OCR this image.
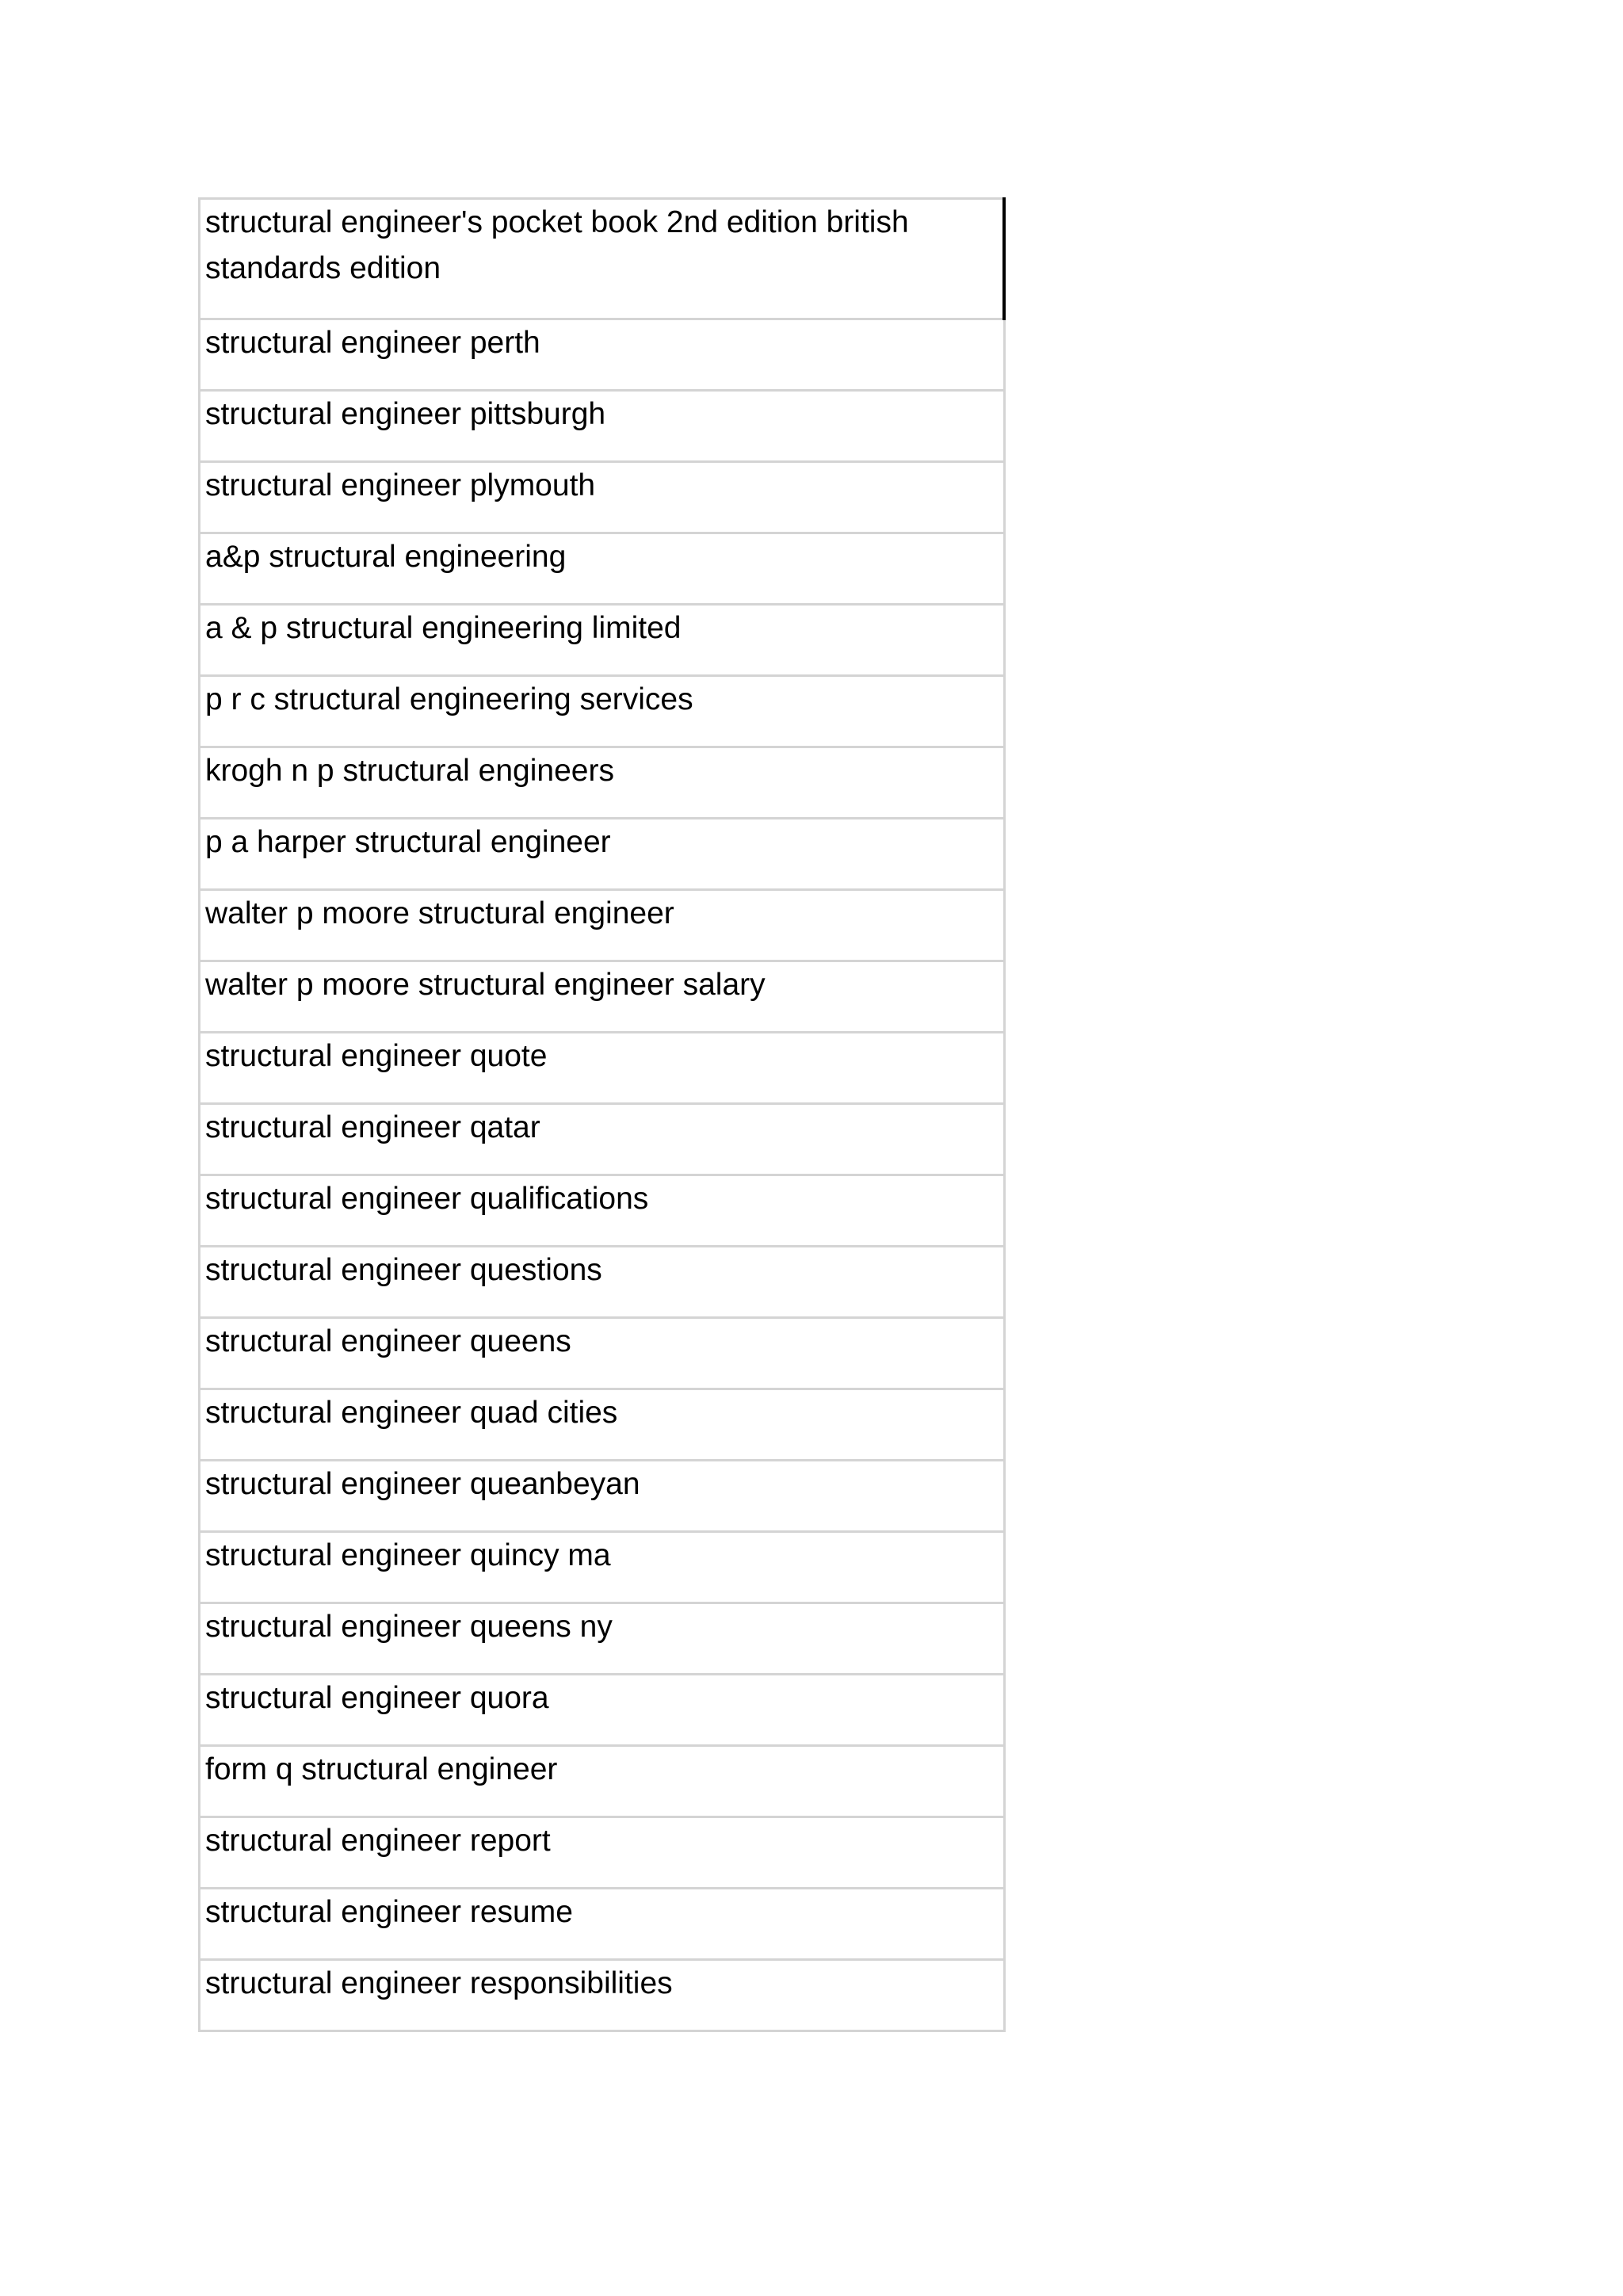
structural engineer's pocket book 2nd edition british standards edition

structural engineer perth

structural engineer pittsburgh

structural engineer plymouth

a&p structural engineering

a & p structural engineering limited

p r c structural engineering services

krogh n p structural engineers

p a harper structural engineer

walter p moore structural engineer

walter p moore structural engineer salary

structural engineer quote

structural engineer qatar

structural engineer qualifications

structural engineer questions

structural engineer queens

structural engineer quad cities

structural engineer queanbeyan

structural engineer quincy ma

structural engineer queens ny

structural engineer quora

form q structural engineer

structural engineer report

structural engineer resume

structural engineer responsibilities
